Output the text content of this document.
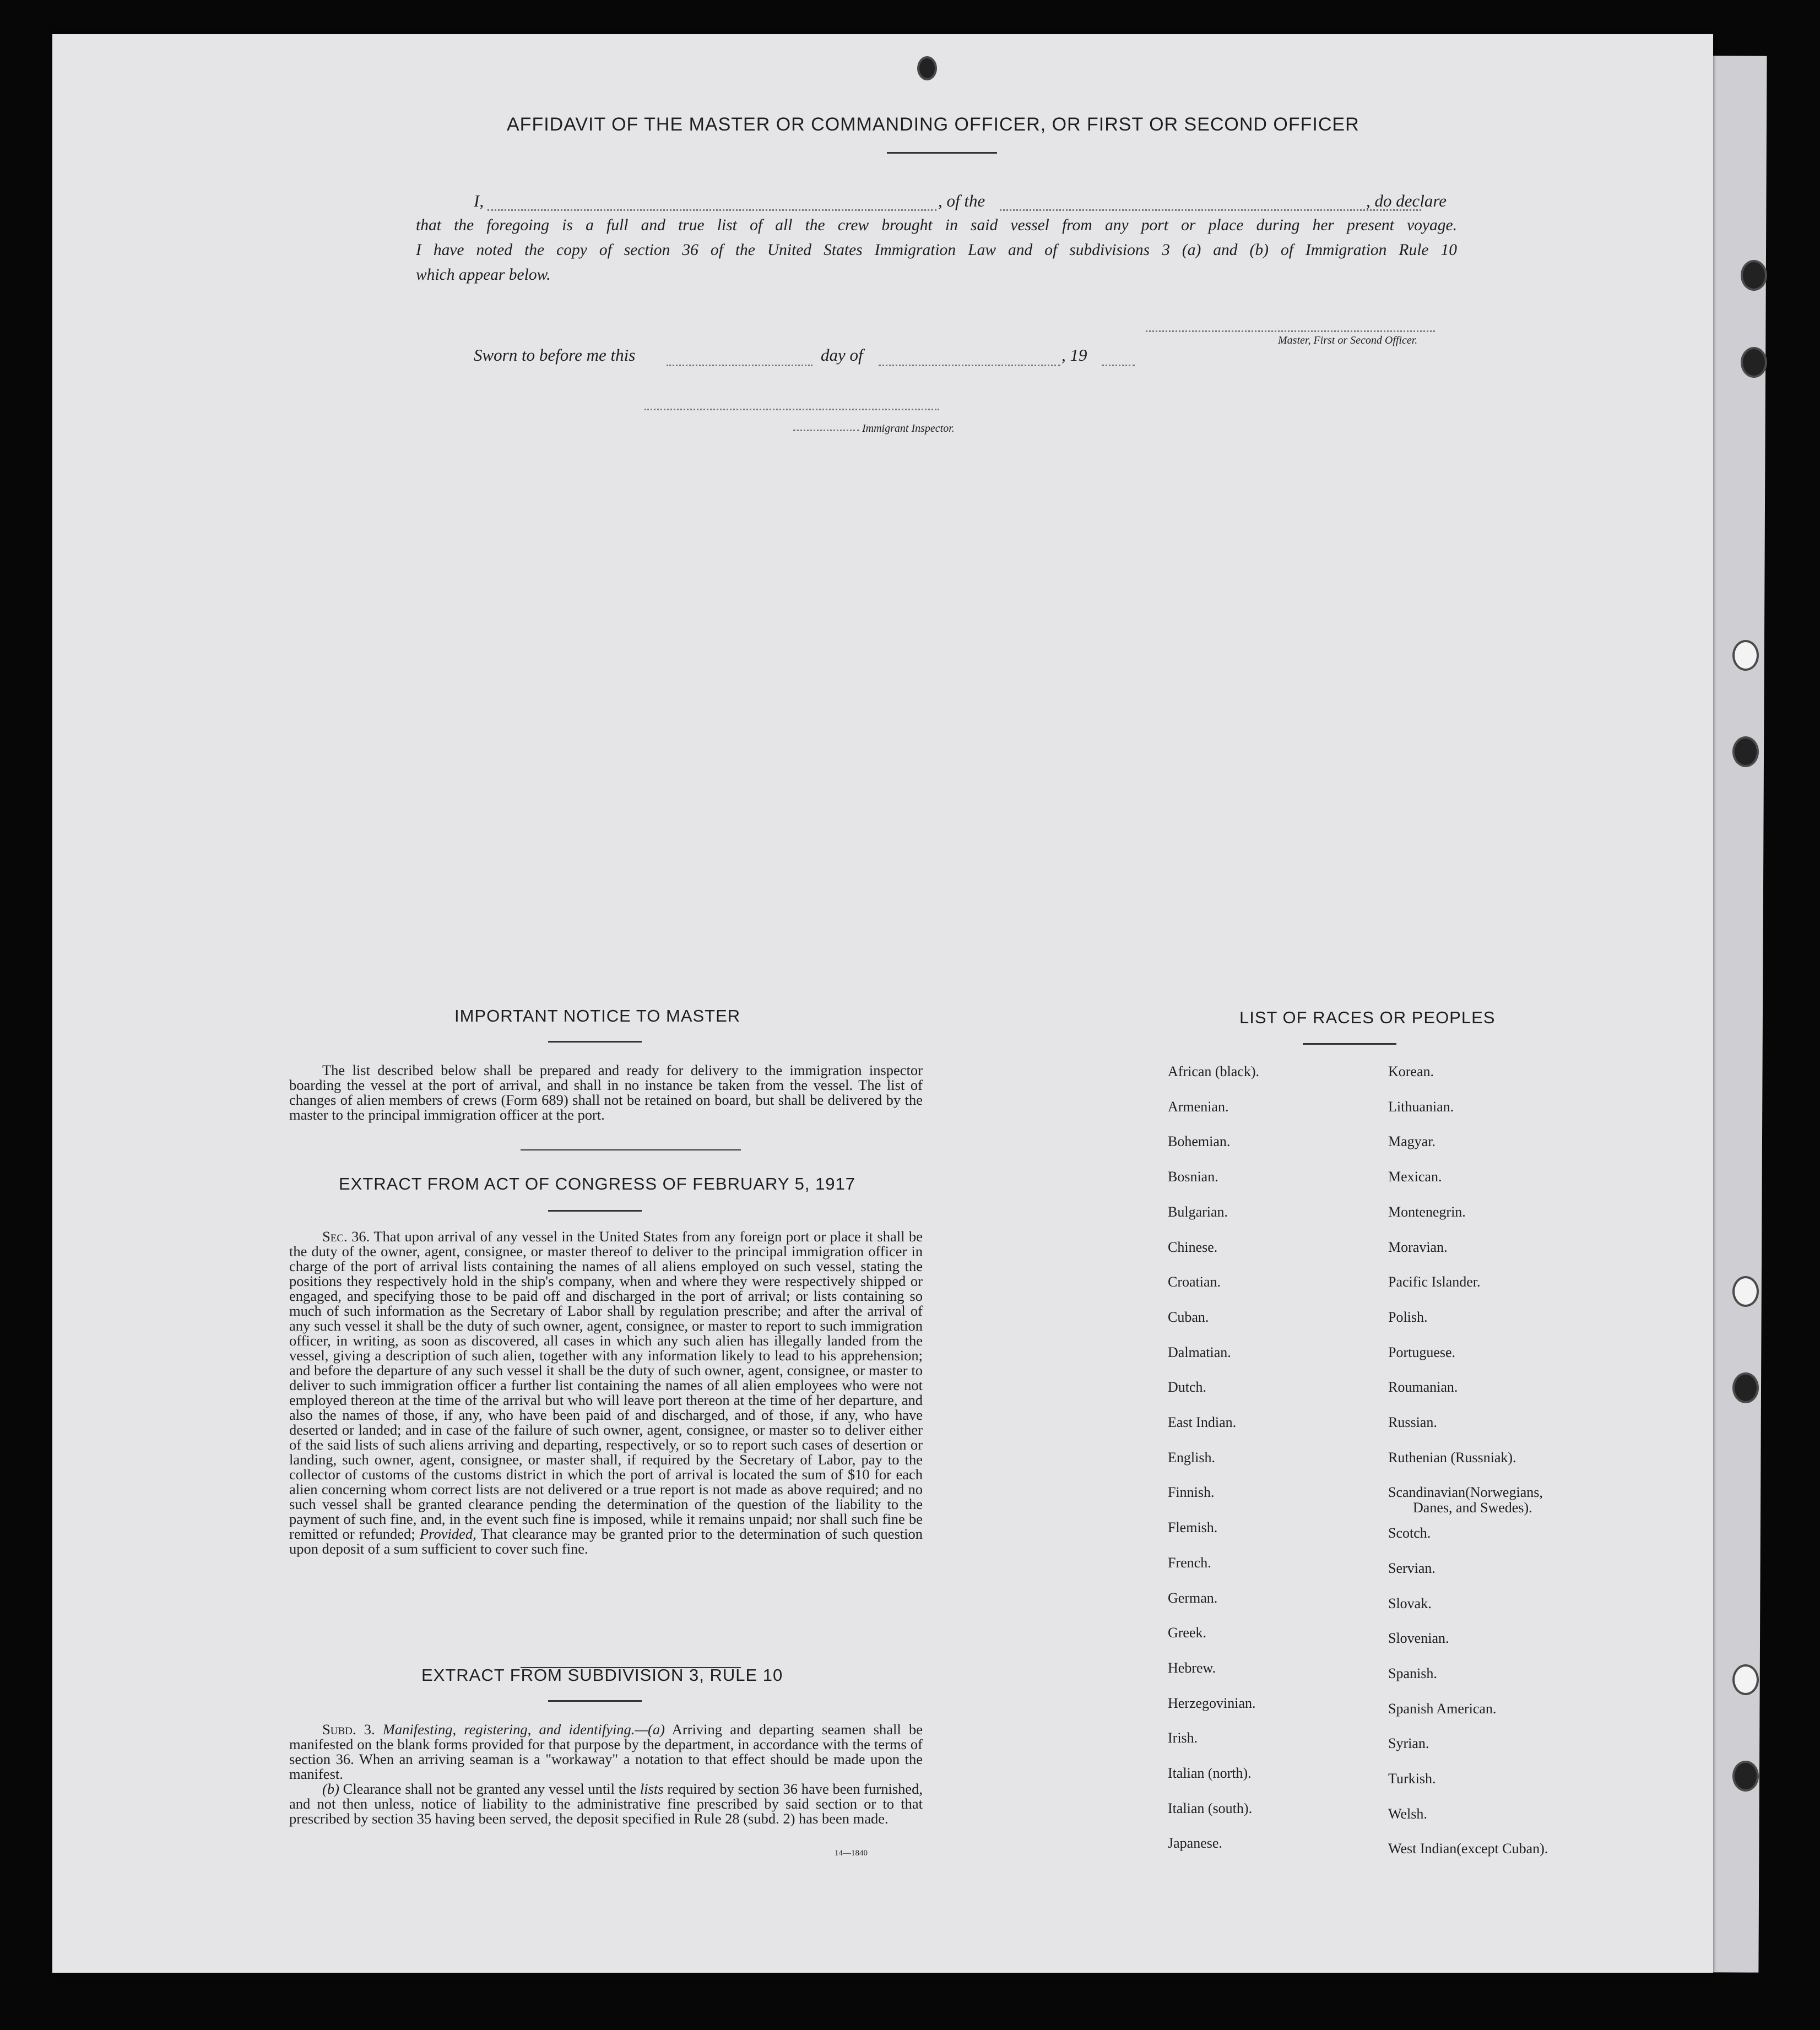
AFFIDAVIT OF THE MASTER OR COMMANDING OFFICER, OR FIRST OR SECOND OFFICER
I,	, of the	, do declare
that the foregoing is a full and true list of all the crew brought in said vessel from any port or place during her present voyage.
I have noted the copy of section 36 of the United States Immigration Law and of subdivisions 3 (a) and (b) of Immigration Rule 10
which appear below.
Master, First or Second Officer.
Sworn to before me this	day of	, 19
Immigrant Inspector.
IMPORTANT NOTICE TO MASTER

The list described below shall be prepared and ready for delivery to the immigration inspector boarding the vessel at the port of arrival, and shall in no instance be taken from the vessel. The list of changes of alien members of crews (Form 689) shall not be retained on board, but shall be delivered by the master to the principal immigration officer at the port.

EXTRACT FROM ACT OF CONGRESS OF FEBRUARY 5, 1917

Sec. 36. That upon arrival of any vessel in the United States from any foreign port or place it shall be the duty of the owner, agent, consignee, or master thereof to deliver to the principal immigration officer in charge of the port of arrival lists containing the names of all aliens employed on such vessel, stating the positions they respectively hold in the ship's company, when and where they were respectively shipped or engaged, and specifying those to be paid off and discharged in the port of arrival; or lists containing so much of such information as the Secretary of Labor shall by regulation prescribe; and after the arrival of any such vessel it shall be the duty of such owner, agent, consignee, or master to report to such immigration officer, in writing, as soon as discovered, all cases in which any such alien has illegally landed from the vessel, giving a description of such alien, together with any information likely to lead to his apprehension; and before the departure of any such vessel it shall be the duty of such owner, agent, consignee, or master to deliver to such immigration officer a further list containing the names of all alien employees who were not employed thereon at the time of the arrival but who will leave port thereon at the time of her departure, and also the names of those, if any, who have been paid of and discharged, and of those, if any, who have deserted or landed; and in case of the failure of such owner, agent, consignee, or master so to deliver either of the said lists of such aliens arriving and departing, respectively, or so to report such cases of desertion or landing, such owner, agent, consignee, or master shall, if required by the Secretary of Labor, pay to the collector of customs of the customs district in which the port of arrival is located the sum of $10 for each alien concerning whom correct lists are not delivered or a true report is not made as above required; and no such vessel shall be granted clearance pending the determination of the question of the liability to the payment of such fine, and, in the event such fine is imposed, while it remains unpaid; nor shall such fine be remitted or refunded; Provided, That clearance may be granted prior to the determination of such question upon deposit of a sum sufficient to cover such fine.

EXTRACT FROM SUBDIVISION 3, RULE 10

Subd. 3. Manifesting, registering, and identifying.—(a) Arriving and departing seamen shall be manifested on the blank forms provided for that purpose by the department, in accordance with the terms of section 36. When an arriving seaman is a "workaway" a notation to that effect should be made upon the manifest.

(b) Clearance shall not be granted any vessel until the lists required by section 36 have been furnished, and not then unless, notice of liability to the administrative fine prescribed by said section or to that prescribed by section 35 having been served, the deposit specified in Rule 28 (subd. 2) has been made.

14—1840
LIST OF RACES OR PEOPLES
African (black).
Armenian.
Bohemian.
Bosnian.
Bulgarian.
Chinese.
Croatian.
Cuban.
Dalmatian.
Dutch.
East Indian.
English.
Finnish.
Flemish.
French.
German.
Greek.
Hebrew.
Herzegovinian.
Irish.
Italian (north).
Italian (south).
Japanese.
Korean.
Lithuanian.
Magyar.
Mexican.
Montenegrin.
Moravian.
Pacific Islander.
Polish.
Portuguese.
Roumanian.
Russian.
Ruthenian (Russniak).
Scandinavian(Norwegians,
Danes, and Swedes).
Scotch.
Servian.
Slovak.
Slovenian.
Spanish.
Spanish American.
Syrian.
Turkish.
Welsh.
West Indian(except Cuban).
